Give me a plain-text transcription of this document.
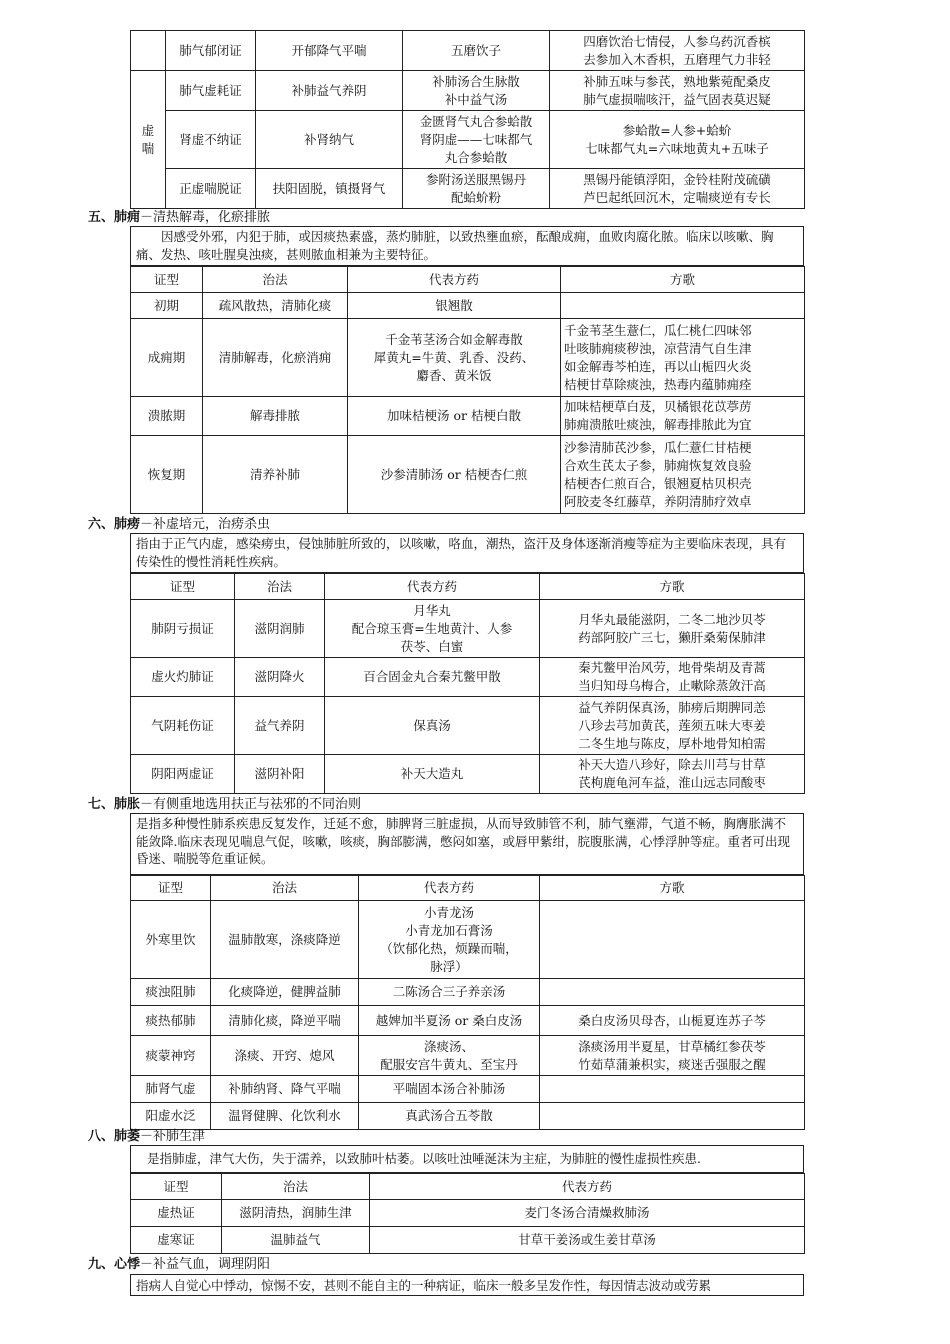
	肺气郁闭证	开郁降气平喘	五磨饮子	四磨饮治七情侵，人参乌药沉香槟
去参加入木香枳，五磨理气力非轻
虚
喘	肺气虚耗证	补肺益气养阴	补肺汤合生脉散
补中益气汤	补肺五味与参芪，熟地紫菀配桑皮
肺气虚损喘咳汗，益气固表莫迟疑
	肾虚不纳证	补肾纳气	金匮肾气丸合参蛤散
肾阴虚——七味都气
丸合参蛤散	参蛤散=人参+蛤蚧
七味都气丸=六味地黄丸+五味子
	正虚喘脱证	扶阳固脱，镇摄肾气	参附汤送服黑锡丹
配蛤蚧粉	黑锡丹能镇浮阳，金铃桂附茂硫磺
芦巴起纸回沉木，定喘痰逆有专长
五、肺痈－清热解毒，化瘀排脓
　　因感受外邪，内犯于肺，或因痰热素盛，蒸灼肺脏，以致热壅血瘀，酝酿成痈，血败肉腐化脓。临床以咳嗽、胸痛、发热、咳吐腥臭浊痰，甚则脓血相兼为主要特征。
证型	治法	代表方药	方歌
初期	疏风散热，清肺化痰	银翘散	
成痈期	清肺解毒，化瘀消痈	千金苇茎汤合如金解毒散
犀黄丸=牛黄、乳香、没药、
麝香、黄米饭	千金苇茎生薏仁，瓜仁桃仁四味邻
吐咳肺痈痰秽浊，凉营清气自生津
如金解毒芩柏连，再以山栀四火炎
桔梗甘草除痰浊，热毒内蕴肺痈痊
溃脓期	解毒排脓	加味桔梗汤 or 桔梗白散	加味桔梗草白芨，贝橘银花苡葶苈
肺痈溃脓吐痰浊，解毒排脓此为宜
恢复期	清养补肺	沙参清肺汤 or 桔梗杏仁煎	沙参清肺芪沙参，瓜仁薏仁甘桔梗
合欢生芪太子参，肺痈恢复效良验
桔梗杏仁煎百合，银翘夏枯贝枳壳
阿胶麦冬红藤草，养阴清肺疗效卓
六、肺痨－补虚培元，治痨杀虫
指由于正气内虚，感染痨虫，侵蚀肺脏所致的，以咳嗽，咯血，潮热，盗汗及身体逐渐消瘦等症为主要临床表现，具有传染性的慢性消耗性疾病。
证型	治法	代表方药	方歌
肺阴亏损证	滋阴润肺	月华丸
配合琼玉膏=生地黄汁、人参
茯苓、白蜜	月华丸最能滋阴，二冬二地沙贝苓
药部阿胶广三七，獭肝桑菊保肺津
虚火灼肺证	滋阴降火	百合固金丸合秦艽鳖甲散	秦艽鳖甲治风劳，地骨柴胡及青蒿
当归知母乌梅合，止嗽除蒸敛汗高
气阴耗伤证	益气养阴	保真汤	益气养阴保真汤，肺痨后期脾同恙
八珍去芎加黄芪，莲须五味大枣姜
二冬生地与陈皮，厚朴地骨知柏需
阴阳两虚证	滋阴补阳	补天大造丸	补天大造八珍好，除去川芎与甘草
芪枸鹿龟河车益，淮山远志同酸枣
七、肺胀－有侧重地选用扶正与祛邪的不同治则
是指多种慢性肺系疾患反复发作，迁延不愈，肺脾肾三脏虚损，从而导致肺管不利，肺气壅滞，气道不畅，胸膺胀满不能敛降.临床表现见喘息气促，咳嗽，咳痰，胸部膨满，憋闷如塞，或唇甲紫绀，脘腹胀满，心悸浮肿等症。重者可出现昏迷、喘脱等危重证候。
证型	治法	代表方药	方歌
外寒里饮	温肺散寒，涤痰降逆	小青龙汤
小青龙加石膏汤
（饮郁化热，烦躁而喘，
脉浮）	
痰浊阻肺	化痰降逆，健脾益肺	二陈汤合三子养亲汤	
痰热郁肺	清肺化痰，降逆平喘	越婢加半夏汤 or 桑白皮汤	桑白皮汤贝母杏，山栀夏连苏子芩
痰蒙神窍	涤痰、开窍、熄风	涤痰汤、
配服安宫牛黄丸、至宝丹	涤痰汤用半夏星，甘草橘红参茯苓
竹茹草蒲兼枳实，痰迷舌强服之醒
肺肾气虚	补肺纳肾、降气平喘	平喘固本汤合补肺汤	
阳虚水泛	温肾健脾、化饮利水	真武汤合五苓散	
八、肺萎－补肺生津
是指肺虚，津气大伤，失于濡养，以致肺叶枯萎。以咳吐浊唾涎沫为主症，为肺脏的慢性虚损性疾患.
证型	治法	代表方药
虚热证	滋阴清热，润肺生津	麦门冬汤合清燥救肺汤
虚寒证	温肺益气	甘草干姜汤或生姜甘草汤
九、心悸－补益气血，调理阴阳
指病人自觉心中悸动，惊惕不安，甚则不能自主的一种病证，临床一般多呈发作性，每因情志波动或劳累
